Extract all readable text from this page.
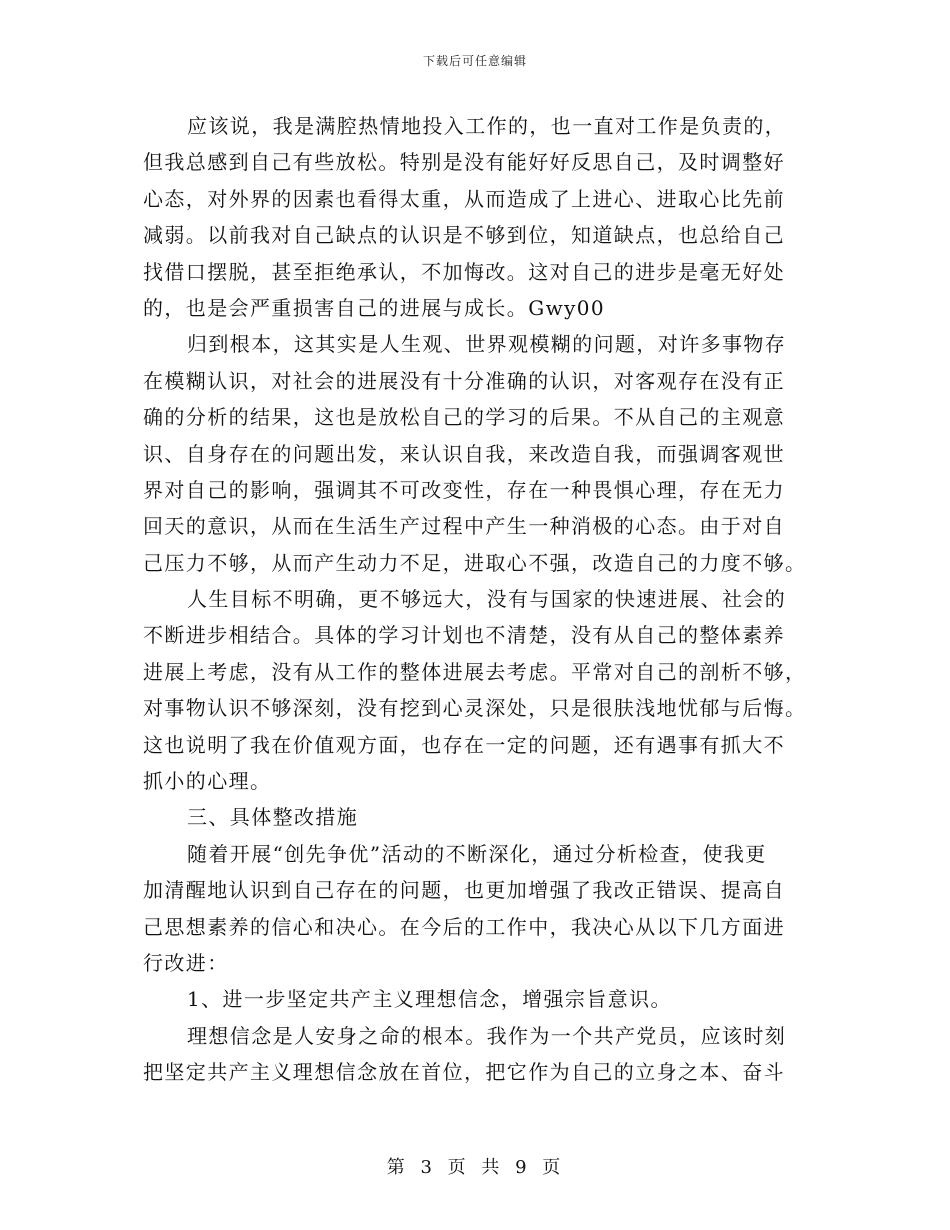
下载后可任意编辑
应该说，我是满腔热情地投入工作的，也一直对工作是负责的，
但我总感到自己有些放松。特别是没有能好好反思自己，及时调整好
心态，对外界的因素也看得太重，从而造成了上进心、进取心比先前
减弱。以前我对自己缺点的认识是不够到位，知道缺点，也总给自己
找借口摆脱，甚至拒绝承认，不加悔改。这对自己的进步是毫无好处
的，也是会严重损害自己的进展与成长。Gwy00
归到根本，这其实是人生观、世界观模糊的问题，对许多事物存
在模糊认识，对社会的进展没有十分准确的认识，对客观存在没有正
确的分析的结果，这也是放松自己的学习的后果。不从自己的主观意
识、自身存在的问题出发，来认识自我，来改造自我，而强调客观世
界对自己的影响，强调其不可改变性，存在一种畏惧心理，存在无力
回天的意识，从而在生活生产过程中产生一种消极的心态。由于对自
己压力不够，从而产生动力不足，进取心不强，改造自己的力度不够。
人生目标不明确，更不够远大，没有与国家的快速进展、社会的
不断进步相结合。具体的学习计划也不清楚，没有从自己的整体素养
进展上考虑，没有从工作的整体进展去考虑。平常对自己的剖析不够，
对事物认识不够深刻，没有挖到心灵深处，只是很肤浅地忧郁与后悔。
这也说明了我在价值观方面，也存在一定的问题，还有遇事有抓大不
抓小的心理。
三、具体整改措施
随着开展“创先争优”活动的不断深化，通过分析检查，使我更
加清醒地认识到自己存在的问题，也更加增强了我改正错误、提高自
己思想素养的信心和决心。在今后的工作中，我决心从以下几方面进
行改进：
1、进一步坚定共产主义理想信念，增强宗旨意识。
理想信念是人安身之命的根本。我作为一个共产党员，应该时刻
把坚定共产主义理想信念放在首位，把它作为自己的立身之本、奋斗
第 3 页 共 9 页
